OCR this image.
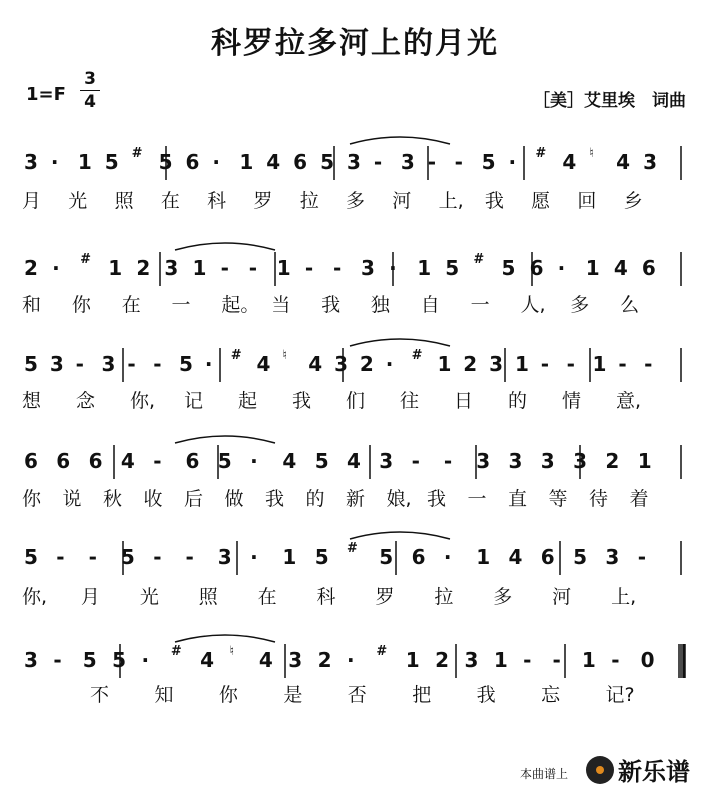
科罗拉多河上的月光
1=F
3
4	［美］艾里埃　词曲
3 · 1 5 # 5 6 · 1 4 6 5 3 - 3 - - 5 · # 4 ♮ 4 3
月 光 照 在 科 罗 拉 多 河 上, 我 愿 回 乡
2 · # 1 2 3 1 - - 1 - - 3 · 1 5 # 5 6 · 1 4 6
和 你 在 一 起。 当 我 独 自 一 人, 多 么
5 3 - 3 - - 5 · # 4 ♮ 4 3 2 · # 1 2 3 1 - - 1 - -
想 念 你, 记 起 我 们 往 日 的 情 意,
6 6 6 4 - 6 5 · 4 5 4 3 - - 3 3 3 3 2 1
你 说 秋 收 后 做 我 的 新 娘, 我 一 直 等 待 着
5 - - 5 - - 3 · 1 5 # 5 6 · 1 4 6 5 3 -
你, 月 光 照 在 科 罗 拉 多 河 上,
3 - 5 5 · # 4 ♮ 4 3 2 · # 1 2 3 1 - - 1 - 0
不 知 你 是 否 把 我 忘 记?
本曲谱上 新乐谱
